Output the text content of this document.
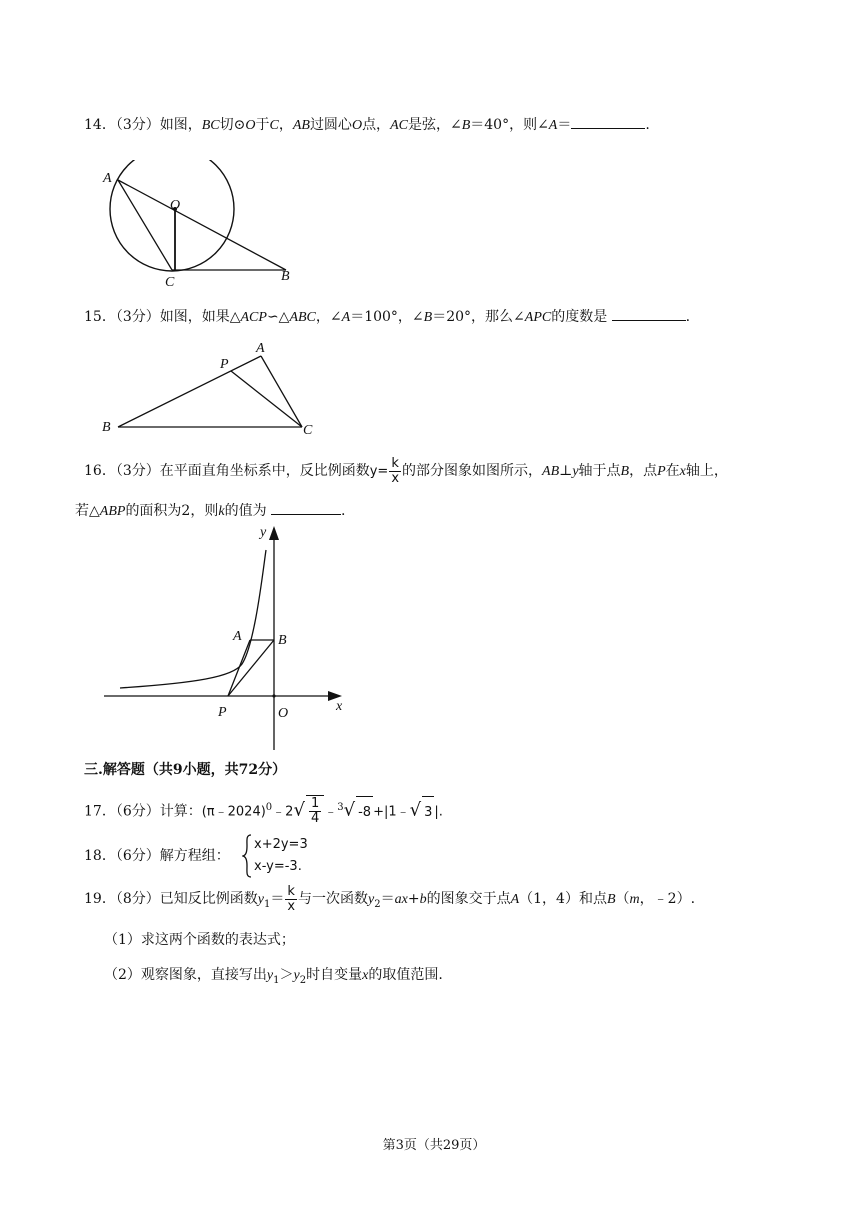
14．（3分）如图，BC切⊙O于C，AB过圆心O点，AC是弦，∠B＝40°，则∠A＝	.
A
O
C	B
15．（3分）如图，如果△ACP∽△ABC，∠A＝100°，∠B＝20°，那么∠APC的度数是	.
P
A
B	C
16．（3分）在平面直角坐标系中，反比例函数$y= \frac{k}{x}$ 的部分图象如图所示，AB⊥y轴于点B，点P在x轴上，
若△ABP的面积为2，则k的值为	.
y
x
A	B
P	O
三.解答题（共9小题，共72分）
17．（6分）计算：(π﹣2024)$^0$﹣2√ $\frac{1}{4}$ ﹣$^3$√ -8 +|1﹣√ 3 |.
18．（6分）解方程组：
x+2y=3
x-y=-3.
19．（8分）已知反比例函数$y_1= \frac{k}{x}$ 与一次函数$y_2=ax+b$的图象交于点A（1，4）和点B（m，﹣2）.
（1）求这两个函数的表达式；
（2）观察图象，直接写出$y_1>y_2$时自变量x的取值范围.
第3页（共29页）
